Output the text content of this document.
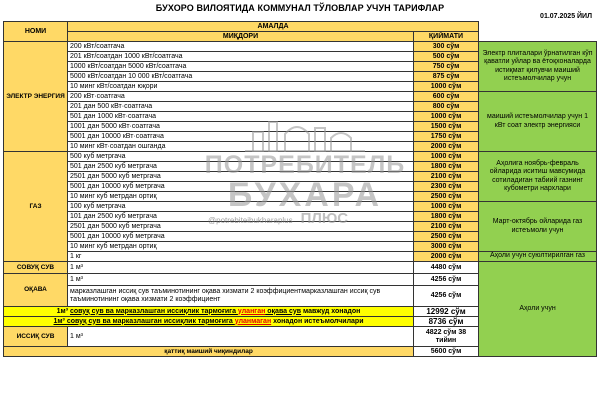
БУХОРО ВИЛОЯТИДА КОММУНАЛ ТЎЛОВЛАР УЧУН ТАРИФЛАР
01.07.2025 ЙИЛ
НОМИ	АМАЛДА		
	МИҚДОРИ	ҚИЙМАТИ	
ЭЛЕКТР ЭНЕРГИЯ	200 кВт/соатгача	300 сўм	Электр плиталари ўрнатилган кўп қаватли уйлар ва ётоқхоналарда истиқмат қилувчи маиший истеъмолчилар учун
	201 кВт/соатдан 1000 кВт/соатгача	500 сўм	
	1000 кВт/соатдан 5000 кВт/соатгача	750 сўм	
	5000 кВт/соатдан 10 000 кВт/соатгача	875 сўм	
	10 минг кВт/соатдан юқори	1000 сўм	
	200 кВт·соатгача	600 сўм	маиший истеъмолчилар учун 1 кВт соат электр энергияси
	201 дан 500 кВт·соатгача	800 сўм	
	501 дан 1000 кВт·соатгача	1000 сўм	
	1001 дан 5000 кВт·соатгача	1500 сўм	
	5001 дан 10000 кВт·соатгача	1750 сўм	
	10 минг кВт·соатдан ошганда	2000 сўм	
ГАЗ	500 куб метргача	1000 сўм	Аҳолига ноябрь-февраль ойларида иситиш мавсумида сотиладиган табиий газнинг кубометри нархлари
	501 дан 2500 куб метргача	1800 сўм	
	2501 дан 5000 куб метргача	2100 сўм	
	5001 дан 10000 куб метргача	2300 сўм	
	10 минг куб метрдан ортиқ	2500 сўм	
	100 куб метргача	1000 сўм	Март-октябрь ойларида газ истеъмоли учун
	101 дан 2500 куб метргача	1800 сўм	
	2501 дан 5000 куб метргача	2100 сўм	
	5001 дан 10000 куб метргача	2500 сўм	
	10 минг куб метрдан ортиқ	3000 сўм	
	1 кг	2000 сўм	Аҳоли учун суюлтирилган газ
СОВУҚ СУВ	1 м³	4480 сўм	Аҳоли учун
ОҚАВА	1 м³	4256 сўм	
	марказлашган иссиқ сув таъминотининг оқава хизмати 2 коэффициентмарказлашган иссиқ сув таъминотининг оқава хизмати 2 коэффициент	4256 сўм	
1м³ совуқ сув ва марказлашган иссиқлик тармоғига уланган оқава сув мавжуд хонадон		12992 сўм	
1м³ совуқ сув ва марказлашган иссиқлик тармоғига уланмаган хонадон истеъмолчилари		8736 сўм	
ИССИҚ СУВ	1 м³	4822 сўм 38 тийин	
қаттиқ маиший чиқиндилар		5600 сўм	
ПОТРЕБИТЕЛЬ
БУХАРА
@potrebiteibukharaplus ПЛЮС
